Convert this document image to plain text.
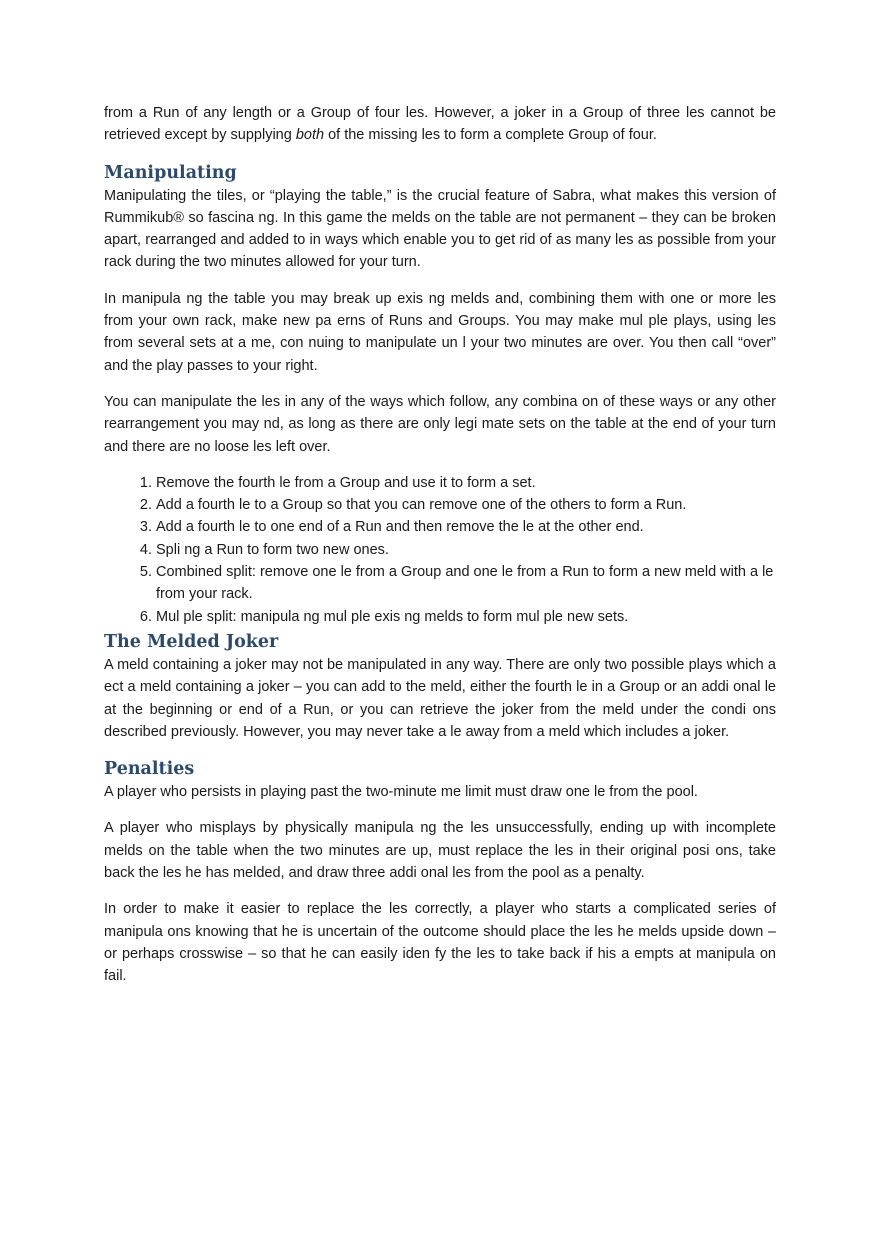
from a Run of any length or a Group of four les. However, a joker in a Group of three les cannot be retrieved except by supplying both of the missing les to form a complete Group of four.

Manipulating

Manipulating the tiles, or “playing the table,” is the crucial feature of Sabra, what makes this version of Rummikub® so fascina ng. In this game the melds on the table are not permanent – they can be broken apart, rearranged and added to in ways which enable you to get rid of as many les as possible from your rack during the two minutes allowed for your turn.

In manipula ng the table you may break up exis ng melds and, combining them with one or more les from your own rack, make new pa erns of Runs and Groups. You may make mul ple plays, using les from several sets at a me, con nuing to manipulate un l your two minutes are over. You then call “over” and the play passes to your right.

You can manipulate the les in any of the ways which follow, any combina on of these ways or any other rearrangement you may nd, as long as there are only legi mate sets on the table at the end of your turn and there are no loose les left over.

1. Remove the fourth le from a Group and use it to form a set.
2. Add a fourth le to a Group so that you can remove one of the others to form a Run.
3. Add a fourth le to one end of a Run and then remove the le at the other end.
4. Spli ng a Run to form two new ones.
5. Combined split: remove one le from a Group and one le from a Run to form a new meld with a le from your rack.
6. Mul ple split: manipula ng mul ple exis ng melds to form mul ple new sets.
The Melded Joker

A meld containing a joker may not be manipulated in any way. There are only two possible plays which a ect a meld containing a joker – you can add to the meld, either the fourth le in a Group or an addi onal le at the beginning or end of a Run, or you can retrieve the joker from the meld under the condi ons described previously. However, you may never take a le away from a meld which includes a joker.

Penalties

A player who persists in playing past the two-minute me limit must draw one le from the pool.

A player who misplays by physically manipula ng the les unsuccessfully, ending up with incomplete melds on the table when the two minutes are up, must replace the les in their original posi ons, take back the les he has melded, and draw three addi onal les from the pool as a penalty.

In order to make it easier to replace the les correctly, a player who starts a complicated series of manipula ons knowing that he is uncertain of the outcome should place the les he melds upside down – or perhaps crosswise – so that he can easily iden fy the les to take back if his a empts at manipula on fail.
